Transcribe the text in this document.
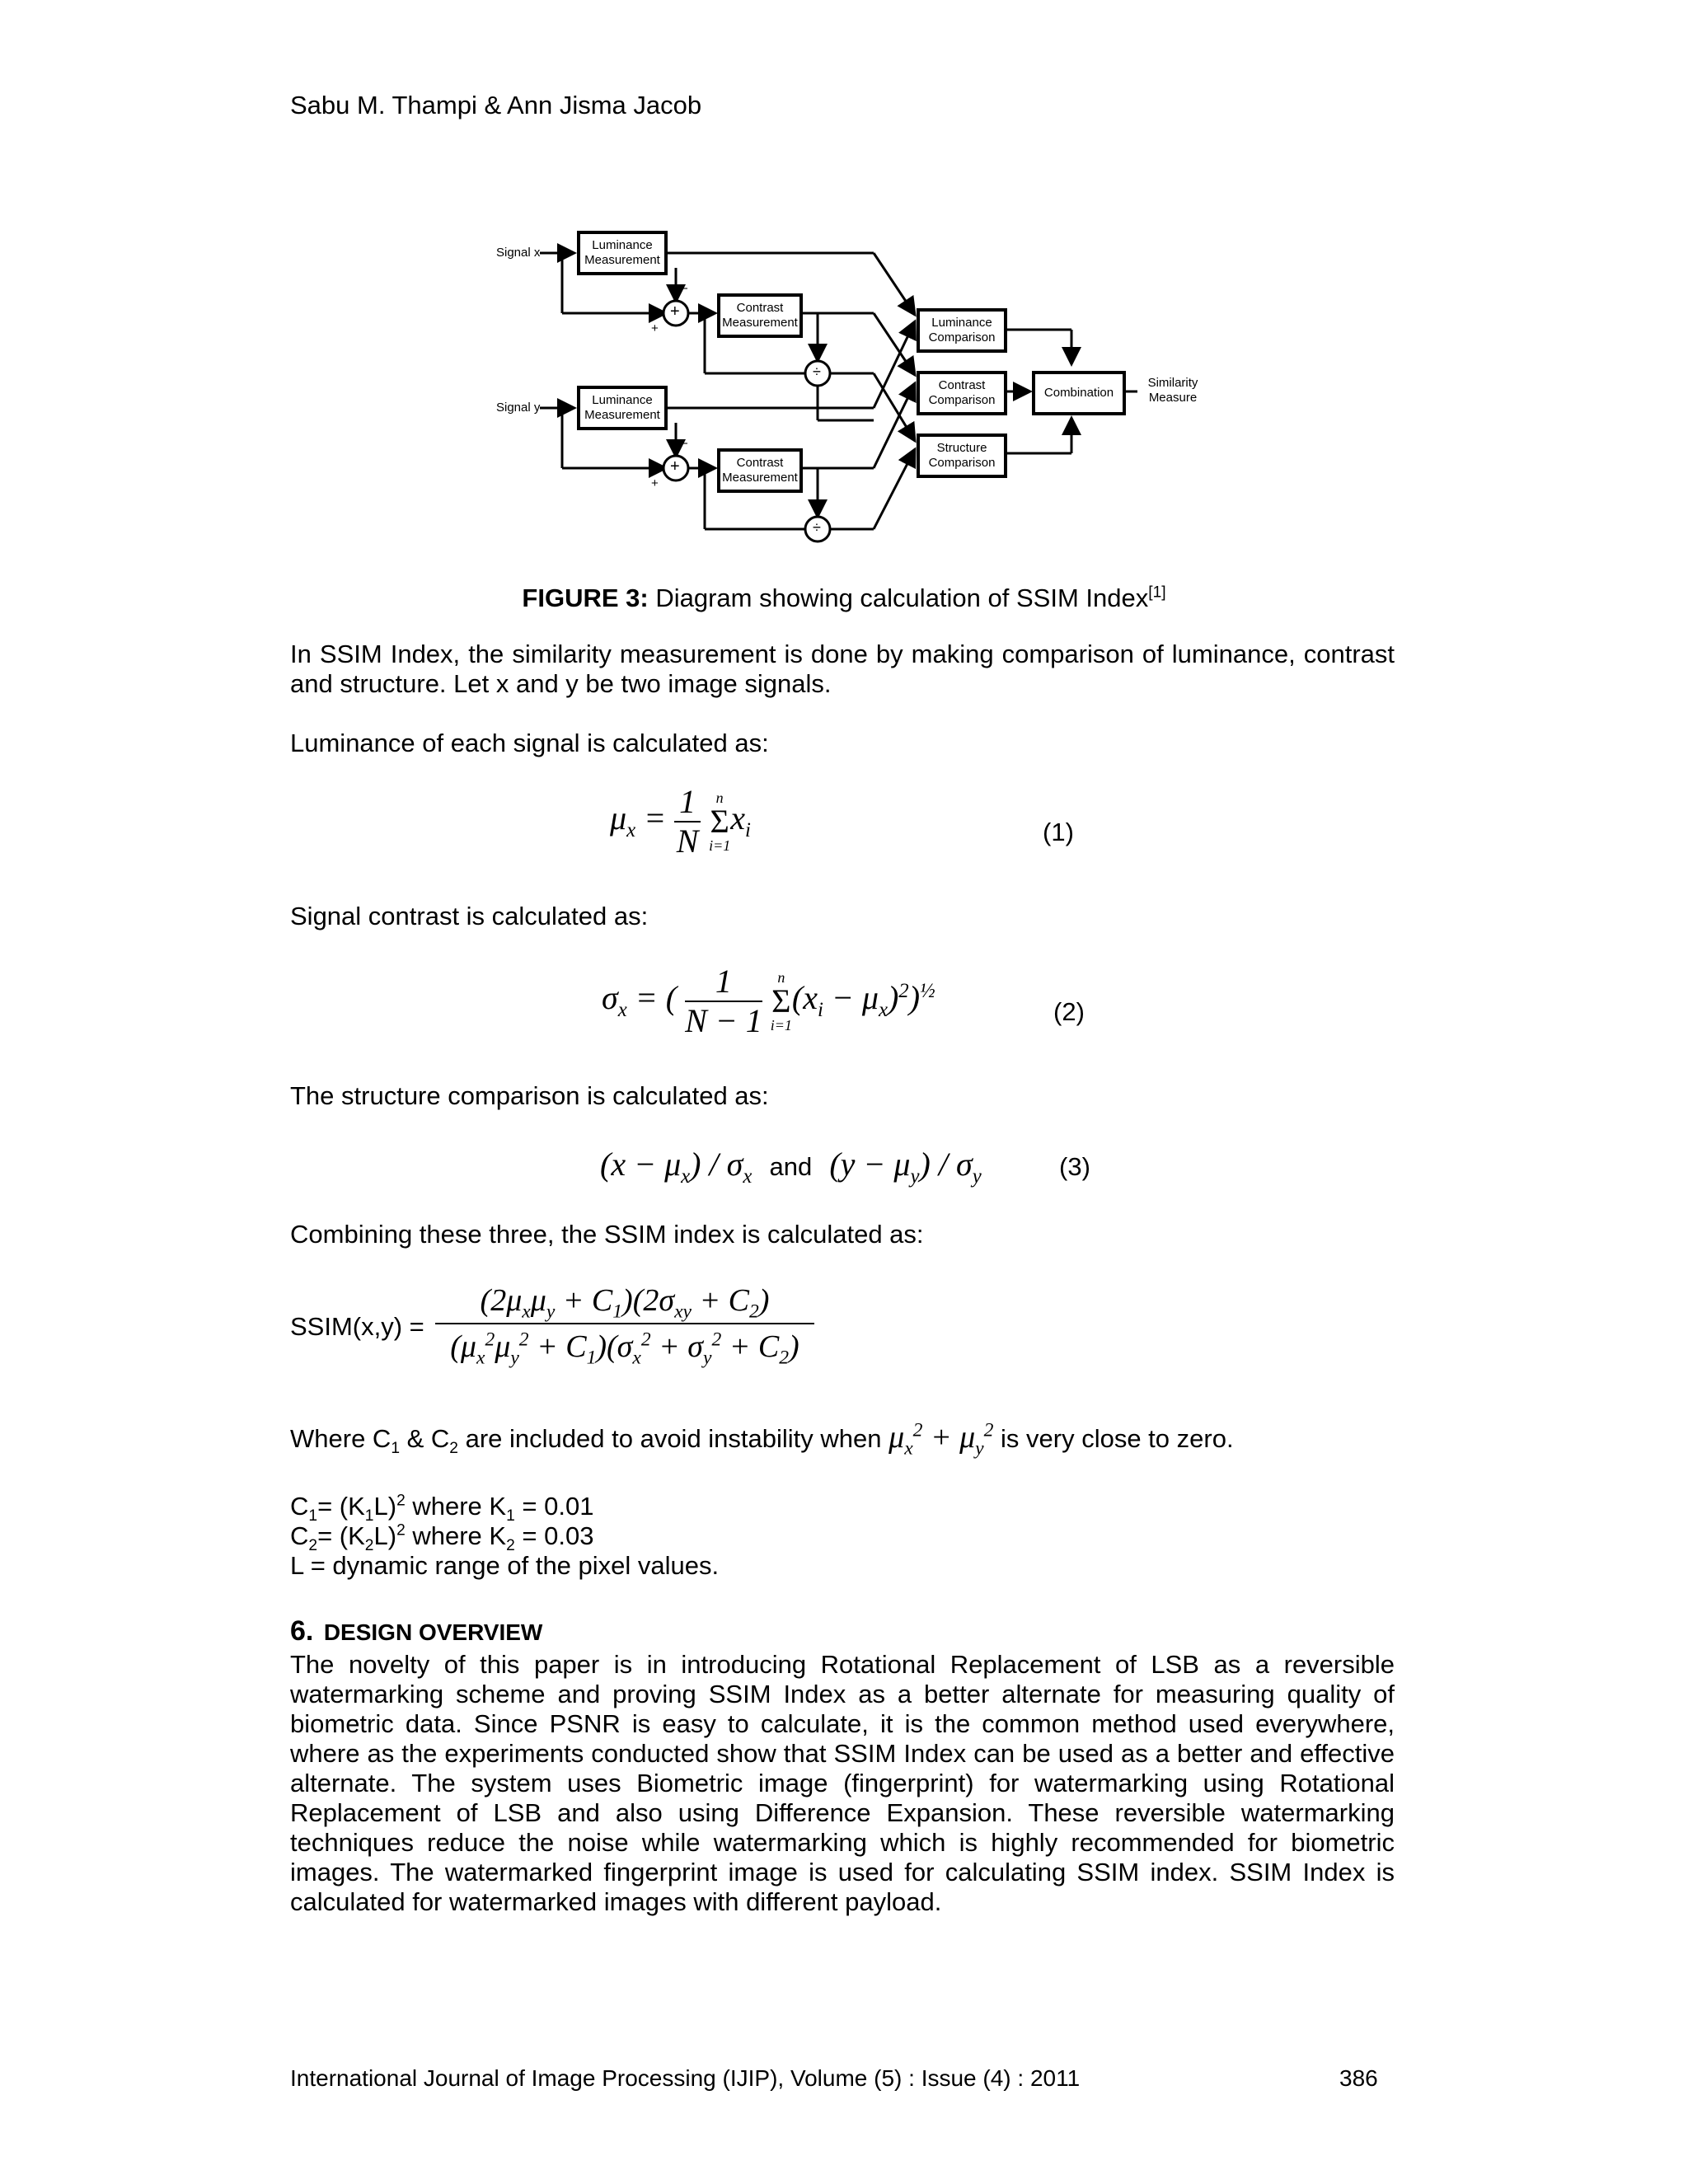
Sabu M. Thampi & Ann Jisma Jacob
Signal x
Signal y
Luminance Measurement
Contrast Measurement
Luminance Measurement
Contrast Measurement
Luminance Comparison
Contrast Comparison
Structure Comparison
Combination
Similarity Measure
+
+
÷
÷
−
+
−
+
FIGURE 3: Diagram showing calculation of SSIM Index[1]
In SSIM Index, the similarity measurement is done by making comparison of luminance, contrast and structure. Let x and y be two image signals.
Luminance of each signal is calculated as:
$\mu_x = \frac{1}{N}$
	n
Σ
i=1
$x_i$	(1)
Signal contrast is calculated as:
$\sigma_x$ = ( $\frac{1}{N - 1}$
	n
Σ
i=1
$(x_i - \mu_x)^2)^{\frac{1}{2}}$
(2)
The structure comparison is calculated as:
$(x - \mu_x) / \sigma_x$ and $(y - \mu_y) / \sigma_y$	(3)
Combining these three, the SSIM index is calculated as:
SSIM(x,y) =
$(2\mu_x\mu_y + C_1)(2\sigma_{xy} + C_2)$
$(\mu_x^2\mu_y^2 + C_1)(\sigma_x^2 + \sigma_y^2 + C_2)$
Where $C_1$ & $C_2$ are included to avoid instability when $\mu_x^2 + \mu_y^2$ is very close to zero.
$C_1= (K_1L)^2$ where $K_1 = 0.01$
$C_2= (K_2L)^2$ where $K_2 = 0.03$
L = dynamic range of the pixel values.
6. DESIGN OVERVIEW
The novelty of this paper is in introducing Rotational Replacement of LSB as a reversible watermarking scheme and proving SSIM Index as a better alternate for measuring quality of biometric data. Since PSNR is easy to calculate, it is the common method used everywhere, where as the experiments conducted show that SSIM Index can be used as a better and effective alternate. The system uses Biometric image (fingerprint) for watermarking using Rotational Replacement of LSB and also using Difference Expansion. These reversible watermarking techniques reduce the noise while watermarking which is highly recommended for biometric images. The watermarked fingerprint image is used for calculating SSIM index. SSIM Index is calculated for watermarked images with different payload.
International Journal of Image Processing (IJIP), Volume (5) : Issue (4) : 2011	386
